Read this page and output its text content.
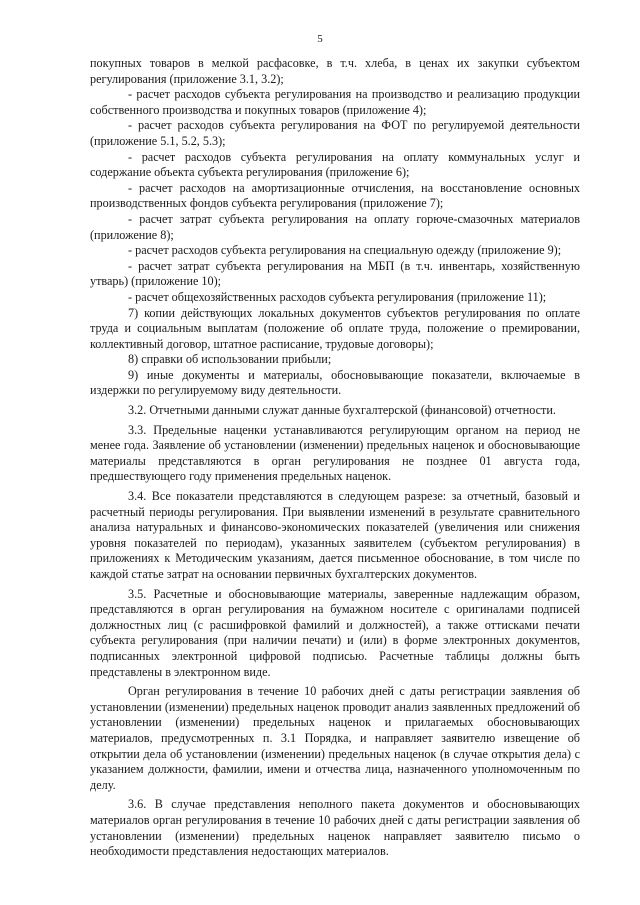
5

покупных товаров в мелкой расфасовке, в т.ч. хлеба, в ценах их закупки субъектом регулирования (приложение 3.1, 3.2);

- расчет расходов субъекта регулирования на производство и реализацию продукции собственного производства и покупных товаров (приложение 4);

- расчет расходов субъекта регулирования на ФОТ по регулируемой деятельности (приложение 5.1, 5.2, 5.3);

- расчет расходов субъекта регулирования на оплату коммунальных услуг и содержание объекта субъекта регулирования (приложение 6);

- расчет расходов на амортизационные отчисления, на восстановление основных производственных фондов субъекта регулирования (приложение 7);

- расчет затрат субъекта регулирования на оплату горюче-смазочных материалов (приложение 8);

- расчет расходов субъекта регулирования на специальную одежду (приложение 9);

- расчет затрат субъекта регулирования на МБП (в т.ч. инвентарь, хозяйственную утварь) (приложение 10);

- расчет общехозяйственных расходов субъекта регулирования (приложение 11);

7) копии действующих локальных документов субъектов регулирования по оплате труда и социальным выплатам (положение об оплате труда, положение о премировании, коллективный договор, штатное расписание, трудовые договоры);

8) справки об использовании прибыли;

9) иные документы и материалы, обосновывающие показатели, включаемые в издержки по регулируемому виду деятельности.

3.2. Отчетными данными служат данные бухгалтерской (финансовой) отчетности.

3.3. Предельные наценки устанавливаются регулирующим органом на период не менее года. Заявление об установлении (изменении) предельных наценок и обосновывающие материалы представляются в орган регулирования не позднее 01 августа года, предшествующего году применения предельных наценок.

3.4. Все показатели представляются в следующем разрезе: за отчетный, базовый и расчетный периоды регулирования. При выявлении изменений в результате сравнительного анализа натуральных и финансово-экономических показателей (увеличения или снижения уровня показателей по периодам), указанных заявителем (субъектом регулирования) в приложениях к Методическим указаниям, дается письменное обоснование, в том числе по каждой статье затрат на основании первичных бухгалтерских документов.

3.5. Расчетные и обосновывающие материалы, заверенные надлежащим образом, представляются в орган регулирования на бумажном носителе с оригиналами подписей должностных лиц (с расшифровкой фамилий и должностей), а также оттисками печати субъекта регулирования (при наличии печати) и (или) в форме электронных документов, подписанных электронной цифровой подписью. Расчетные таблицы должны быть представлены в электронном виде.

Орган регулирования в течение 10 рабочих дней с даты регистрации заявления об установлении (изменении) предельных наценок проводит анализ заявленных предложений об установлении (изменении) предельных наценок и прилагаемых обосновывающих материалов, предусмотренных п. 3.1 Порядка, и направляет заявителю извещение об открытии дела об установлении (изменении) предельных наценок (в случае открытия дела) с указанием должности, фамилии, имени и отчества лица, назначенного уполномоченным по делу.

3.6. В случае представления неполного пакета документов и обосновывающих материалов орган регулирования в течение 10 рабочих дней с даты регистрации заявления об установлении (изменении) предельных наценок направляет заявителю письмо о необходимости представления недостающих материалов.
